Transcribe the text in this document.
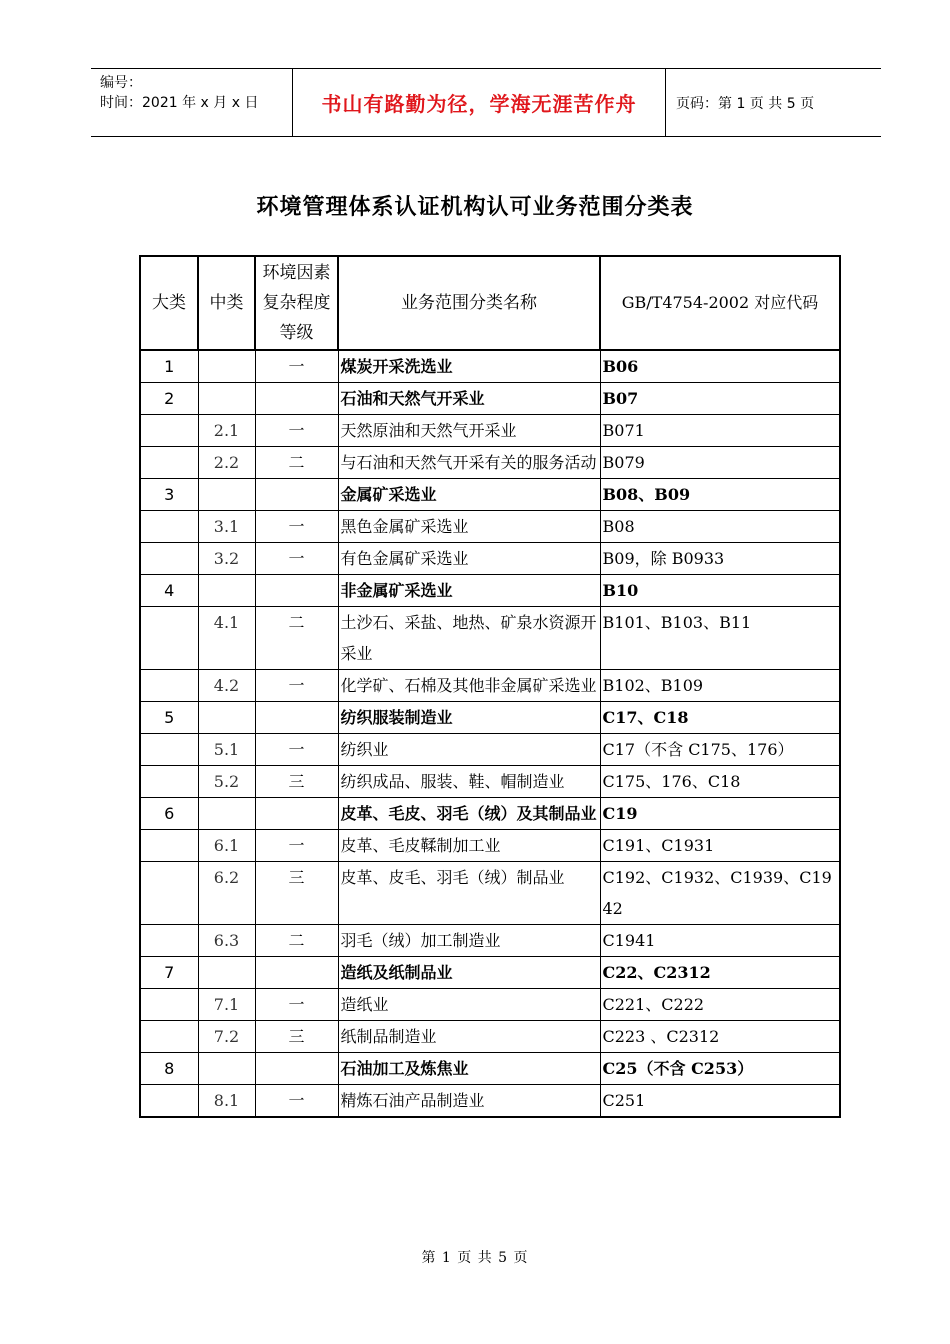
编号：
时间：2021 年 x 月 x 日	书山有路勤为径，学海无涯苦作舟	页码：第 1 页 共 5 页
环境管理体系认证机构认可业务范围分类表
大类	中类	环境因素复杂程度等级	业务范围分类名称	GB/T4754-2002 对应代码
1		一	煤炭开采洗选业	B06
2			石油和天然气开采业	B07
	2.1	一	天然原油和天然气开采业	B071
	2.2	二	与石油和天然气开采有关的服务活动	B079
3			金属矿采选业	B08、B09
	3.1	一	黑色金属矿采选业	B08
	3.2	一	有色金属矿采选业	B09，除 B0933
4			非金属矿采选业	B10
	4.1	二	土沙石、采盐、地热、矿泉水资源开采业	B101、B103、B11
	4.2	一	化学矿、石棉及其他非金属矿采选业	B102、B109
5			纺织服装制造业	C17、C18
	5.1	一	纺织业	C17（不含 C175、176）
	5.2	三	纺织成品、服装、鞋、帽制造业	C175、176、C18
6			皮革、毛皮、羽毛（绒）及其制品业	C19
	6.1	一	皮革、毛皮鞣制加工业	C191、C1931
	6.2	三	皮革、皮毛、羽毛（绒）制品业	C192、C1932、C1939、C1942
	6.3	二	羽毛（绒）加工制造业	C1941
7			造纸及纸制品业	C22、C2312
	7.1	一	造纸业	C221、C222
	7.2	三	纸制品制造业	C223 、C2312
8			石油加工及炼焦业	C25（不含 C253）
	8.1	一	精炼石油产品制造业	C251
第 1 页 共 5 页
